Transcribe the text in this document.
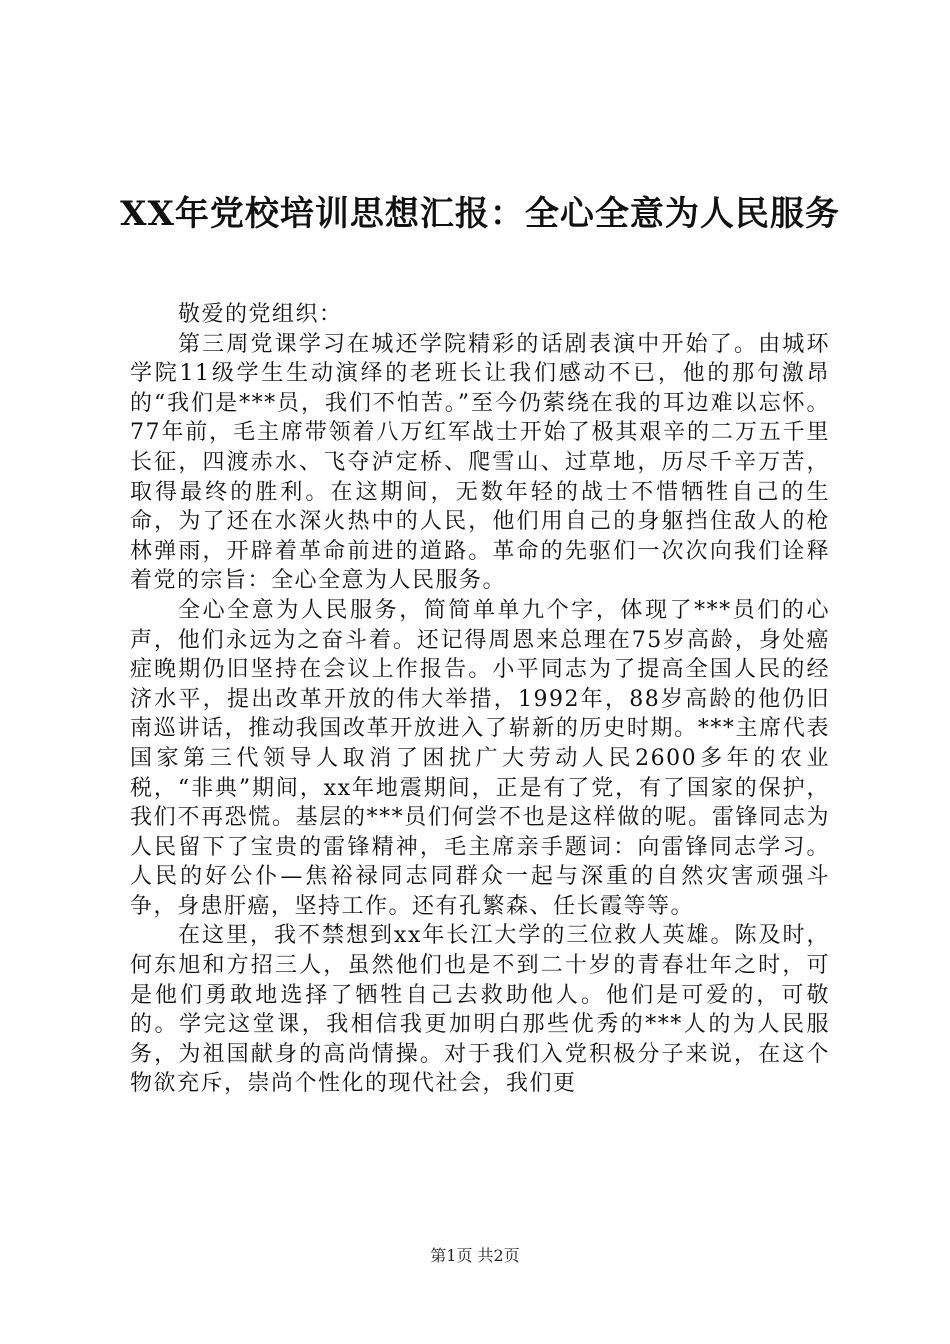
XX年党校培训思想汇报：全心全意为人民服务

敬爱的党组织：

第三周党课学习在城还学院精彩的话剧表演中开始了。由城环学院11级学生生动演绎的老班长让我们感动不已，他的那句激昂的“我们是***员，我们不怕苦。”至今仍萦绕在我的耳边难以忘怀。77年前，毛主席带领着八万红军战士开始了极其艰辛的二万五千里长征，四渡赤水、飞夺泸定桥、爬雪山、过草地，历尽千辛万苦，取得最终的胜利。在这期间，无数年轻的战士不惜牺牲自己的生命，为了还在水深火热中的人民，他们用自己的身躯挡住敌人的枪林弹雨，开辟着革命前进的道路。革命的先驱们一次次向我们诠释着党的宗旨：全心全意为人民服务。

全心全意为人民服务，简简单单九个字，体现了***员们的心声，他们永远为之奋斗着。还记得周恩来总理在75岁高龄，身处癌症晚期仍旧坚持在会议上作报告。小平同志为了提高全国人民的经济水平，提出改革开放的伟大举措，1992年，88岁高龄的他仍旧南巡讲话，推动我国改革开放进入了崭新的历史时期。***主席代表国家第三代领导人取消了困扰广大劳动人民2600多年的农业税，“非典”期间，xx年地震期间，正是有了党，有了国家的保护，我们不再恐慌。基层的***员们何尝不也是这样做的呢。雷锋同志为人民留下了宝贵的雷锋精神，毛主席亲手题词：向雷锋同志学习。人民的好公仆—焦裕禄同志同群众一起与深重的自然灾害顽强斗争，身患肝癌，坚持工作。还有孔繁森、任长霞等等。

在这里，我不禁想到xx年长江大学的三位救人英雄。陈及时，何东旭和方招三人，虽然他们也是不到二十岁的青春壮年之时，可是他们勇敢地选择了牺牲自己去救助他人。他们是可爱的，可敬的。学完这堂课，我相信我更加明白那些优秀的***人的为人民服务，为祖国献身的高尚情操。对于我们入党积极分子来说，在这个物欲充斥，崇尚个性化的现代社会，我们更

第1页 共2页
